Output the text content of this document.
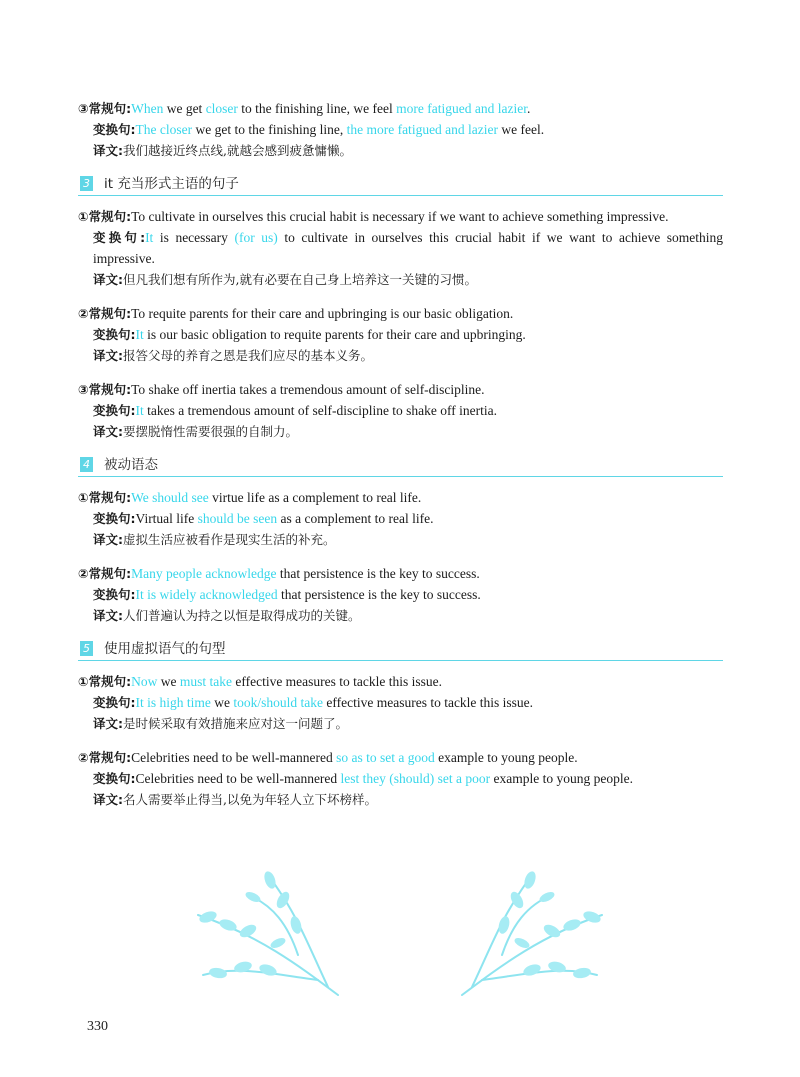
③常规句:When we get closer to the finishing line, we feel more fatigued and lazier.
变换句:The closer we get to the finishing line, the more fatigued and lazier we feel.
译文:我们越接近终点线,就越会感到疲惫慵懒。
3 it 充当形式主语的句子
①常规句:To cultivate in ourselves this crucial habit is necessary if we want to achieve something impressive.
变换句:It is necessary (for us) to cultivate in ourselves this crucial habit if we want to achieve something impressive.
译文:但凡我们想有所作为,就有必要在自己身上培养这一关键的习惯。
②常规句:To requite parents for their care and upbringing is our basic obligation.
变换句:It is our basic obligation to requite parents for their care and upbringing.
译文:报答父母的养育之恩是我们应尽的基本义务。
③常规句:To shake off inertia takes a tremendous amount of self-discipline.
变换句:It takes a tremendous amount of self-discipline to shake off inertia.
译文:要摆脱惰性需要很强的自制力。
4 被动语态
①常规句:We should see virtue life as a complement to real life.
变换句:Virtual life should be seen as a complement to real life.
译文:虚拟生活应被看作是现实生活的补充。
②常规句:Many people acknowledge that persistence is the key to success.
变换句:It is widely acknowledged that persistence is the key to success.
译文:人们普遍认为持之以恒是取得成功的关键。
5 使用虚拟语气的句型
①常规句:Now we must take effective measures to tackle this issue.
变换句:It is high time we took/should take effective measures to tackle this issue.
译文:是时候采取有效措施来应对这一问题了。
②常规句:Celebrities need to be well-mannered so as to set a good example to young people.
变换句:Celebrities need to be well-mannered lest they (should) set a poor example to young people.
译文:名人需要举止得当,以免为年轻人立下坏榜样。
330
